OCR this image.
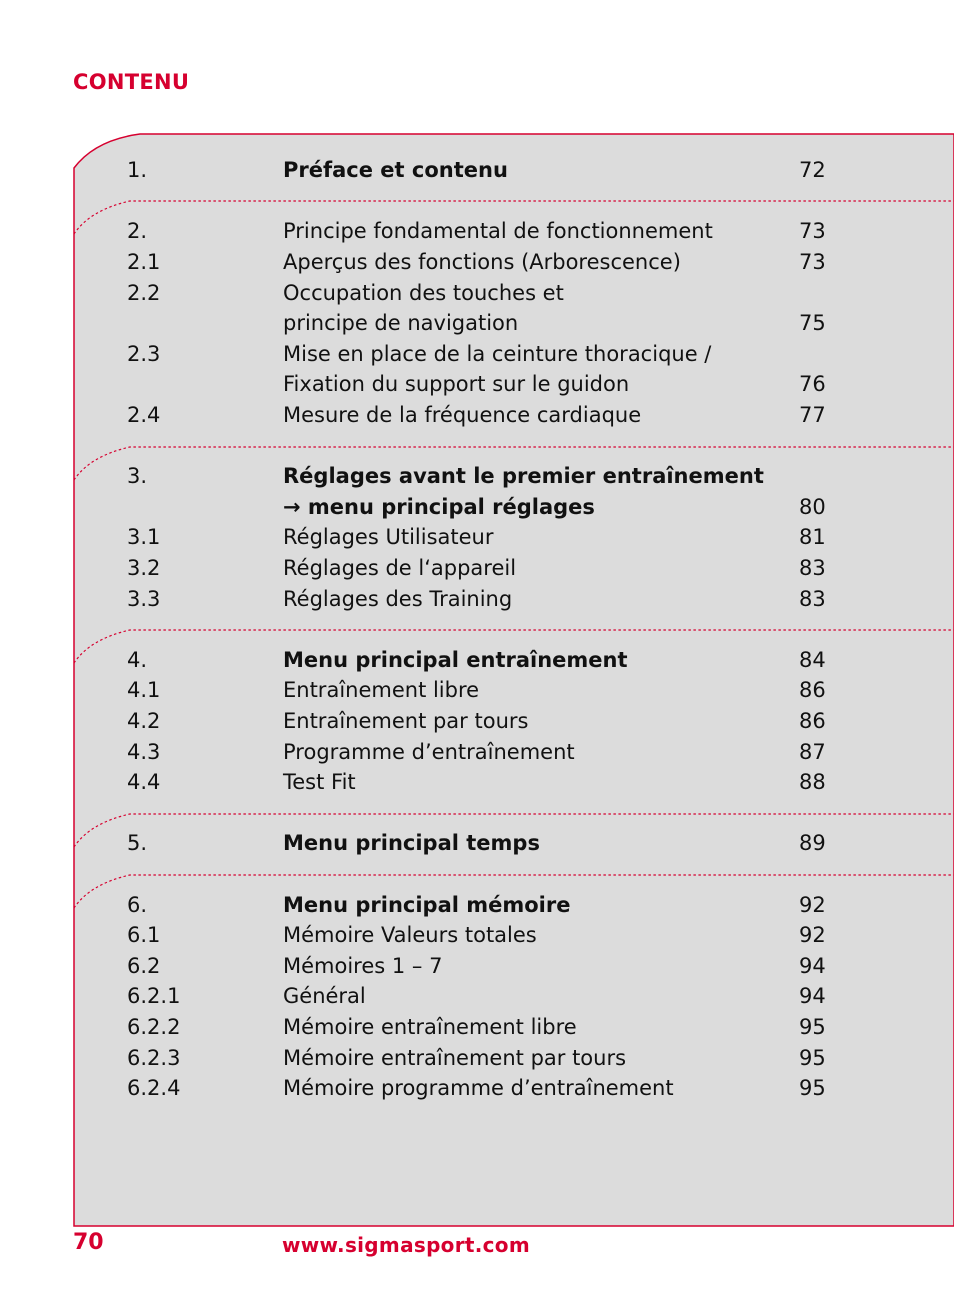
CONTENU
1.	Préface et contenu	72
2.	Principe fondamental de fonctionnement	73
2.1	Aperçus des fonctions (Arborescence)	73
2.2	Occupation des touches et
principe de navigation	75
2.3	Mise en place de la ceinture thoracique /
Fixation du support sur le guidon	76
2.4	Mesure de la fréquence cardiaque	77
3.	Réglages avant le premier entraînement
→ menu principal réglages	80
3.1	Réglages Utilisateur	81
3.2	Réglages de l‘appareil	83
3.3	Réglages des Training	83
4.	Menu principal entraînement	84
4.1	Entraînement libre	86
4.2	Entraînement par tours	86
4.3	Programme d’entraînement	87
4.4	Test Fit	88
5.	Menu principal temps	89
6.	Menu principal mémoire	92
6.1	Mémoire Valeurs totales	92
6.2	Mémoires 1 – 7	94
6.2.1	Général	94
6.2.2	Mémoire entraînement libre	95
6.2.3	Mémoire entraînement par tours	95
6.2.4	Mémoire programme d’entraînement	95
70	www.sigmasport.com
